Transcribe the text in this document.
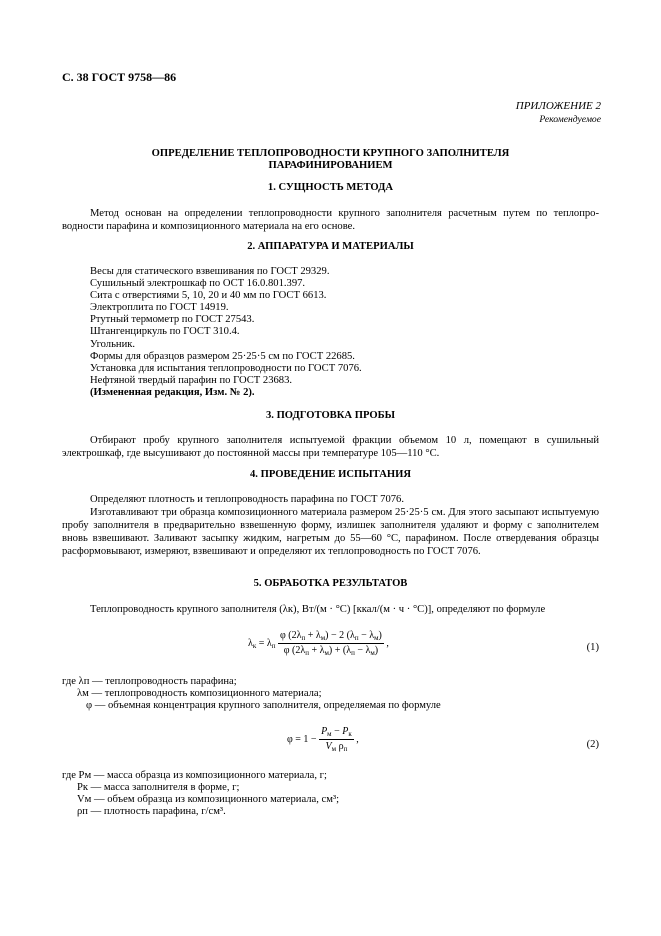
С. 38 ГОСТ 9758—86
ПРИЛОЖЕНИЕ 2
Рекомендуемое
ОПРЕДЕЛЕНИЕ ТЕПЛОПРОВОДНОСТИ КРУПНОГО ЗАПОЛНИТЕЛЯ
ПАРАФИНИРОВАНИЕМ
1. СУЩНОСТЬ МЕТОДА
Метод основан на определении теплопроводности крупного заполнителя расчетным путем по теплопро-водности парафина и композиционного материала на его основе.
2. АППАРАТУРА И МАТЕРИАЛЫ
Весы для статического взвешивания по ГОСТ 29329.
Сушильный электрошкаф по ОСТ 16.0.801.397.
Сита с отверстиями 5, 10, 20 и 40 мм по ГОСТ 6613.
Электроплита по ГОСТ 14919.
Ртутный термометр по ГОСТ 27543.
Штангенциркуль по ГОСТ 310.4.
Угольник.
Формы для образцов размером 25·25·5 см по ГОСТ 22685.
Установка для испытания теплопроводности по ГОСТ 7076.
Нефтяной твердый парафин по ГОСТ 23683.
(Измененная редакция, Изм. № 2).
3. ПОДГОТОВКА ПРОБЫ
Отбирают пробу крупного заполнителя испытуемой фракции объемом 10 л, помещают в сушильный электрошкаф, где высушивают до постоянной массы при температуре 105—110 °С.
4. ПРОВЕДЕНИЕ ИСПЫТАНИЯ
Определяют плотность и теплопроводность парафина по ГОСТ 7076.
Изготавливают три образца композиционного материала размером 25·25·5 см. Для этого засыпают испытуемую пробу заполнителя в предварительно взвешенную форму, излишек заполнителя удаляют и форму с заполнителем вновь взвешивают. Заливают засыпку жидким, нагретым до 55—60 °С, парафином. После отвердевания образцы расформовывают, измеряют, взвешивают и определяют их теплопроводность по ГОСТ 7076.
5. ОБРАБОТКА РЕЗУЛЬТАТОВ
Теплопроводность крупного заполнителя (λк), Вт/(м · °С) [ккал/(м · ч · °С)], определяют по формуле
$\lambda_к = \lambda_п \frac{\varphi (2\lambda_п + \lambda_м) - 2 (\lambda_п - \lambda_м)}{\varphi (2\lambda_п + \lambda_м) + (\lambda_п - \lambda_м)}$ ,	(1)
где λп — теплопроводность парафина;
λм — теплопроводность композиционного материала;
φ — объемная концентрация крупного заполнителя, определяемая по формуле
$\varphi = 1 - \frac{P_м - P_к}{V_м \rho_п}$ ,	(2)
где Pм — масса образца из композиционного материала, г;
Pк — масса заполнителя в форме, г;
Vм — объем образца из композиционного материала, см³;
ρп — плотность парафина, г/см³.
